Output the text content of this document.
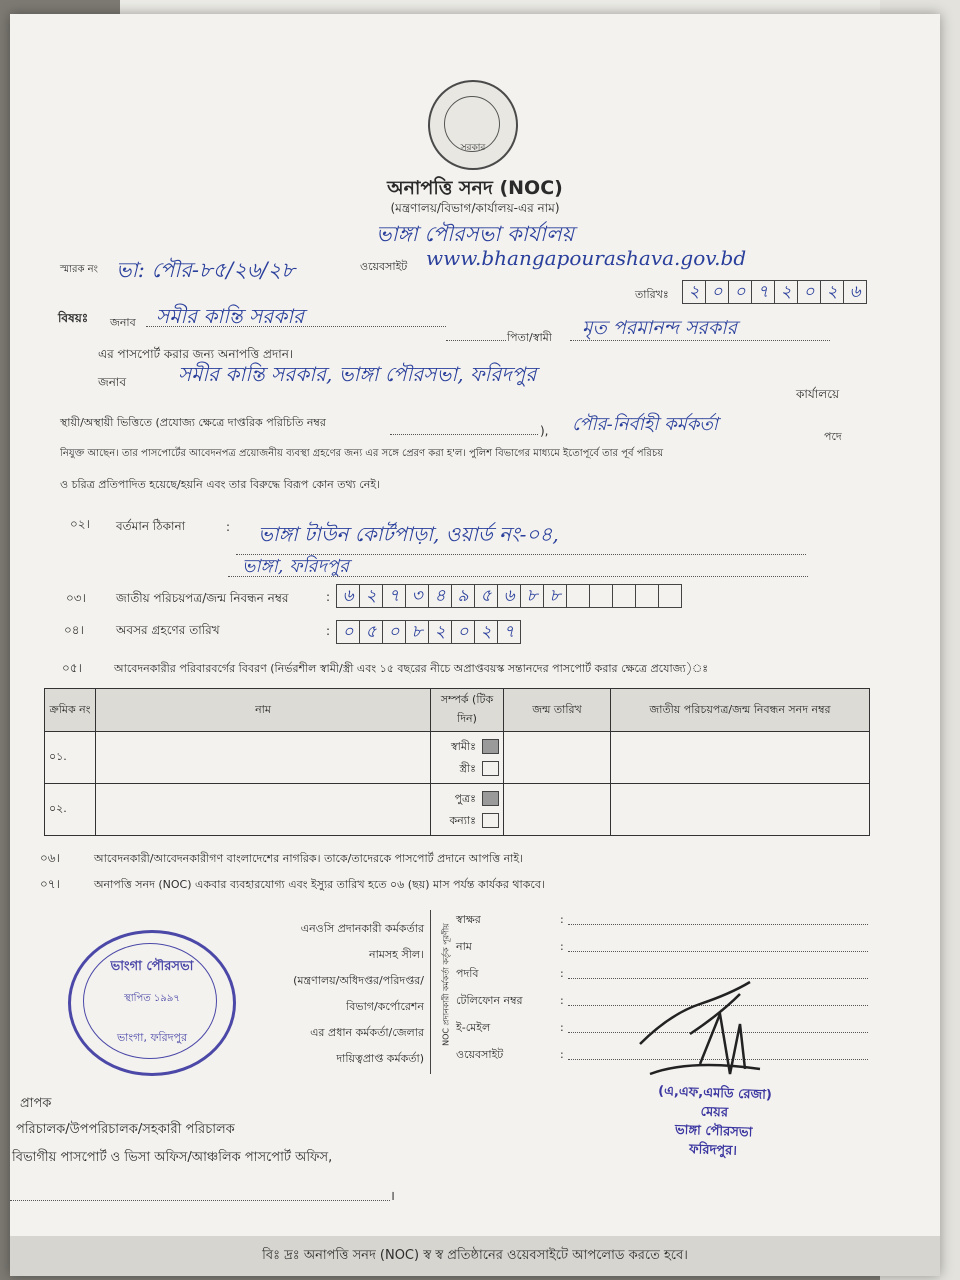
সরকার
অনাপত্তি সনদ (NOC)
(মন্ত্রণালয়/বিভাগ/কার্যালয়-এর নাম)
ভাঙ্গা পৌরসভা কার্যালয়
স্মারক নং ভা: পৌর-৮৫/২৬/২৮	ওয়েবসাইট www.bhangapourashava.gov.bd
তারিখঃ	২ ০ ০ ৭ ২ ০ ২ ৬
বিষয়ঃ জনাব সমীর কান্তি সরকার
পিতা/স্বামী মৃত পরমানন্দ সরকার
এর পাসপোর্ট করার জন্য অনাপত্তি প্রদান।
জনাব	সমীর কান্তি সরকার, ভাঙ্গা পৌরসভা, ফরিদপুর
কার্যালয়ে
স্থায়ী/অস্থায়ী ভিত্তিতে (প্রযোজ্য ক্ষেত্রে দাপ্তরিক পরিচিতি নম্বর
), পৌর-নির্বাহী কর্মকর্তা
পদে
নিযুক্ত আছেন। তার পাসপোর্টের আবেদনপত্র প্রয়োজনীয় ব্যবস্থা গ্রহণের জন্য এর সঙ্গে প্রেরণ করা হ'ল। পুলিশ বিভাগের মাধ্যমে ইতোপূর্বে তার পূর্ব পরিচয়
ও চরিত্র প্রতিপাদিত হয়েছে/হয়নি এবং তার বিরুদ্ধে বিরূপ কোন তথ্য নেই।
০২। বর্তমান ঠিকানা	: ভাঙ্গা টাউন কোর্টপাড়া, ওয়ার্ড নং-০৪,
ভাঙ্গা, ফরিদপুর
০৩।	জাতীয় পরিচয়পত্র/জন্ম নিবন্ধন নম্বর	: ৬ ২ ৭ ৩ ৪ ৯ ৫ ৬ ৮ ৮
০৪।	অবসর গ্রহণের তারিখ	: ০ ৫ ০ ৮ ২ ০ ২ ৭
০৫।	আবেদনকারীর পরিবারবর্গের বিবরণ (নির্ভরশীল স্বামী/স্ত্রী এবং ১৫ বছরের নীচে অপ্রাপ্তবয়স্ক সন্তানদের পাসপোর্ট করার ক্ষেত্রে প্রযোজ্য)ঃ
ক্রমিক নং	নাম	সম্পর্ক (টিক দিন)	জন্ম তারিখ	জাতীয় পরিচয়পত্র/জন্ম নিবন্ধন সনদ নম্বর
০১.		স্বামীঃ
স্ত্রীঃ		
০২.		পুত্রঃ
কন্যাঃ		
০৬।	আবেদনকারী/আবেদনকারীগণ বাংলাদেশের নাগরিক। তাকে/তাদেরকে পাসপোর্ট প্রদানে আপত্তি নাই।
০৭।	অনাপত্তি সনদ (NOC) একবার ব্যবহারযোগ্য এবং ইস্যুর তারিখ হতে ০৬ (ছয়) মাস পর্যন্ত কার্যকর থাকবে।
ভাংগা পৌরসভা
স্থাপিত ১৯৯৭
ভাংগা, ফরিদপুর
এনওসি প্রদানকারী কর্মকর্তার
নামসহ সীল।
(মন্ত্রণালয়/অধিদপ্তর/পরিদপ্তর/
বিভাগ/কর্পোরেশন
এর প্রধান কর্মকর্তা/জেলার
দায়িত্বপ্রাপ্ত কর্মকর্তা)
NOC প্রদানকারী কর্মকর্তা কর্তৃক পূরণীয়
স্বাক্ষর	:
নাম	:
পদবি	:
টেলিফোন নম্বর	:
ই-মেইল	:
ওয়েবসাইট	:
(এ,এফ,এমডি রেজা)
মেয়র
ভাঙ্গা পৌরসভা
ফরিদপুর।
প্রাপক
পরিচালক/উপপরিচালক/সহকারী পরিচালক
বিভাগীয় পাসপোর্ট ও ভিসা অফিস/আঞ্চলিক পাসপোর্ট অফিস,
।
বিঃ দ্রঃ অনাপত্তি সনদ (NOC) স্ব স্ব প্রতিষ্ঠানের ওয়েবসাইটে আপলোড করতে হবে।
